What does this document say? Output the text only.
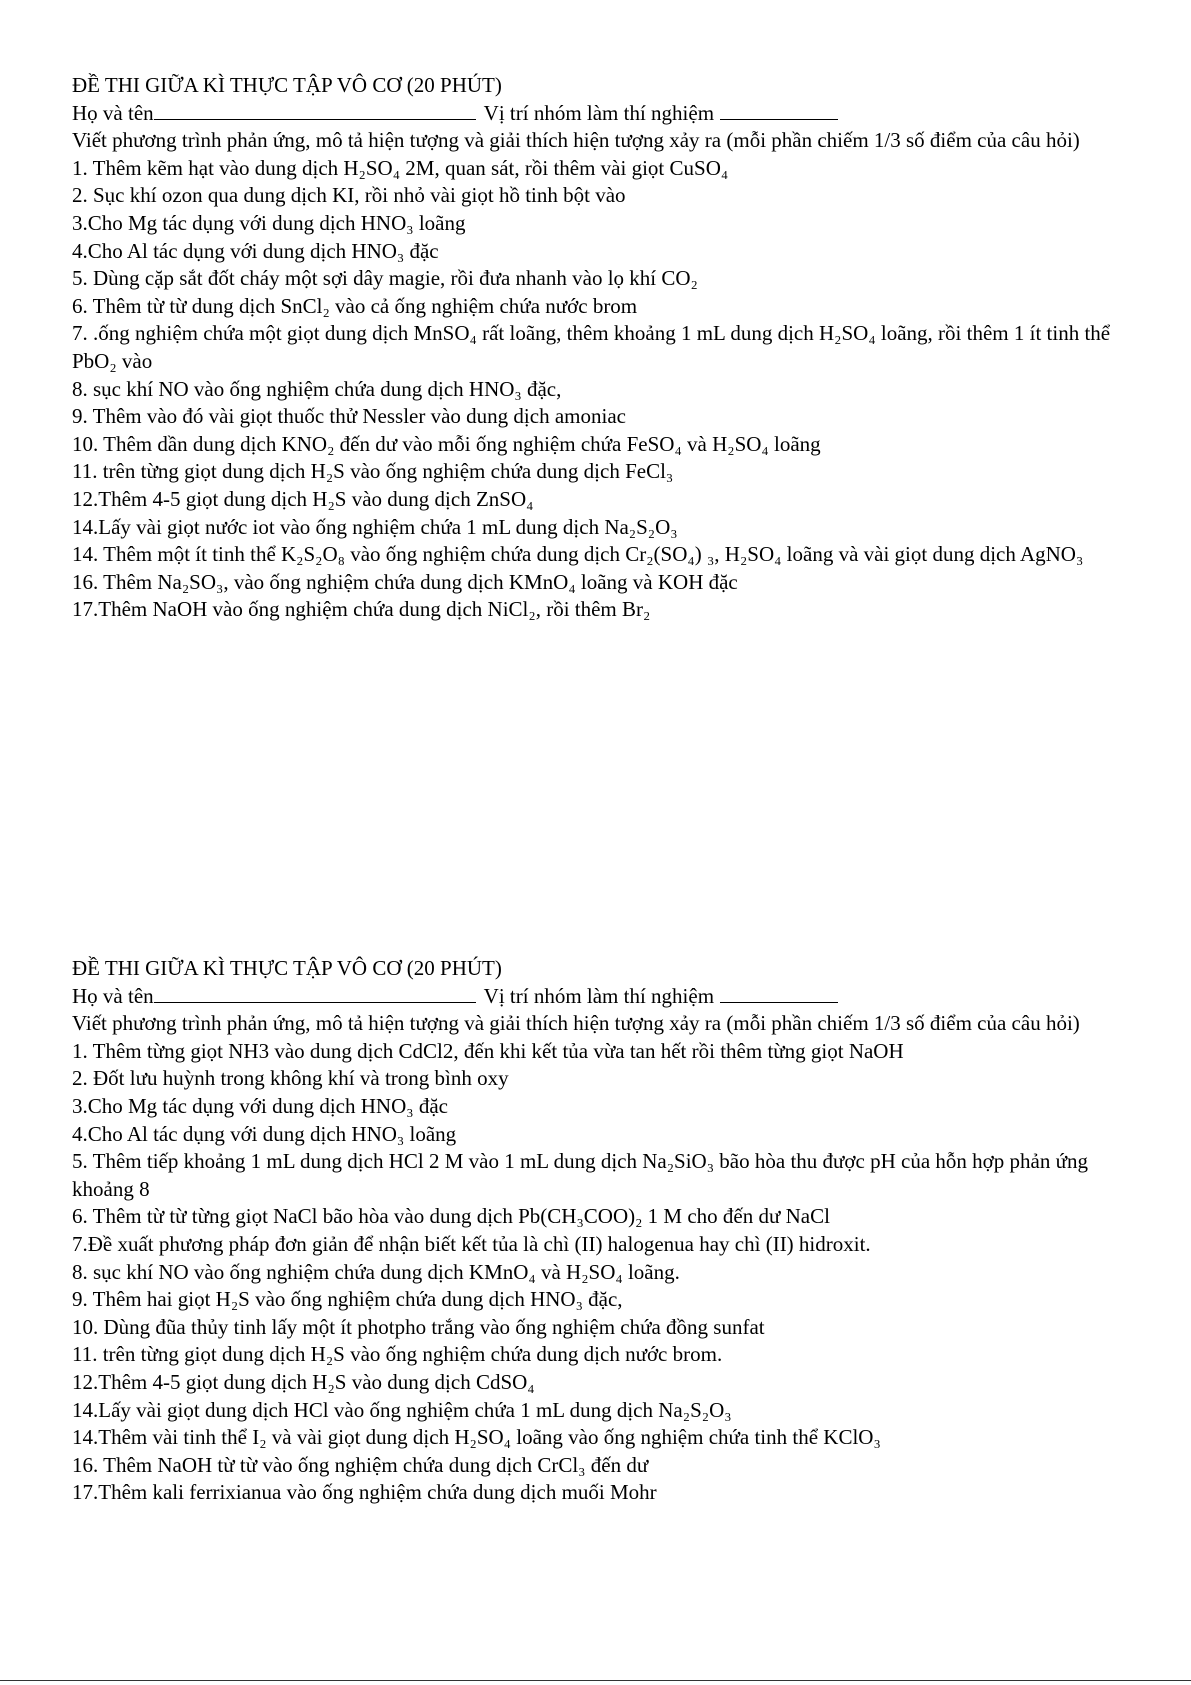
ĐỀ THI GIỮA KÌ THỰC TẬP VÔ CƠ (20 PHÚT)
Họ và tên	Vị trí nhóm làm thí nghiệm
Viết phương trình phản ứng, mô tả hiện tượng và giải thích hiện tượng xảy ra (mỗi phần chiếm 1/3 số điểm của câu hỏi)
1. Thêm kẽm hạt vào dung dịch H₂SO₄ 2M, quan sát, rồi thêm vài giọt CuSO₄
2. Sục khí ozon qua dung dịch KI, rồi nhỏ vài giọt hồ tinh bột vào
3.Cho Mg tác dụng với dung dịch HNO₃ loãng
4.Cho Al tác dụng với dung dịch HNO₃ đặc
5. Dùng cặp sắt đốt cháy một sợi dây magie, rồi đưa nhanh vào lọ khí CO₂
6. Thêm từ từ dung dịch SnCl₂ vào cả ống nghiệm chứa nước brom
7. .ống nghiệm chứa một giọt dung dịch MnSO₄ rất loãng, thêm khoảng 1 mL dung dịch H₂SO₄ loãng, rồi thêm 1 ít tinh thể PbO₂ vào
8. sục khí NO vào ống nghiệm chứa dung dịch HNO₃ đặc,
9. Thêm vào đó vài giọt thuốc thử Nessler vào dung dịch amoniac
10. Thêm dần dung dịch KNO₂ đến dư vào mỗi ống nghiệm chứa FeSO₄ và H₂SO₄ loãng
11. trên từng giọt dung dịch H₂S vào ống nghiệm chứa dung dịch FeCl₃
12.Thêm 4-5 giọt dung dịch H₂S vào dung dịch ZnSO₄
14.Lấy vài giọt nước iot vào ống nghiệm chứa 1 mL dung dịch Na₂S₂O₃
14. Thêm một ít tinh thể K₂S₂O₈ vào ống nghiệm chứa dung dịch Cr₂(SO₄) ₃, H₂SO₄ loãng và vài giọt dung dịch AgNO₃
16. Thêm Na₂SO₃, vào ống nghiệm chứa dung dịch KMnO₄ loãng và KOH đặc
17.Thêm NaOH vào ống nghiệm chứa dung dịch NiCl₂, rồi thêm Br₂
ĐỀ THI GIỮA KÌ THỰC TẬP VÔ CƠ (20 PHÚT)
Họ và tên	Vị trí nhóm làm thí nghiệm
Viết phương trình phản ứng, mô tả hiện tượng và giải thích hiện tượng xảy ra (mỗi phần chiếm 1/3 số điểm của câu hỏi)
1. Thêm từng giọt NH3 vào dung dịch CdCl2, đến khi kết tủa vừa tan hết rồi thêm từng giọt NaOH
2. Đốt lưu huỳnh trong không khí và trong bình oxy
3.Cho Mg tác dụng với dung dịch HNO₃ đặc
4.Cho Al tác dụng với dung dịch HNO₃ loãng
5. Thêm tiếp khoảng 1 mL dung dịch HCl 2 M vào 1 mL dung dịch Na₂SiO₃ bão hòa thu được pH của hỗn hợp phản ứng khoảng 8
6. Thêm từ từ từng giọt NaCl bão hòa vào dung dịch Pb(CH₃COO)₂ 1 M cho đến dư NaCl
7.Đề xuất phương pháp đơn giản để nhận biết kết tủa là chì (II) halogenua hay chì (II) hidroxit.
8. sục khí NO vào ống nghiệm chứa dung dịch KMnO₄ và H₂SO₄ loãng.
9. Thêm hai giọt H₂S vào ống nghiệm chứa dung dịch HNO₃ đặc,
10. Dùng đũa thủy tinh lấy một ít photpho trắng vào ống nghiệm chứa đồng sunfat
11. trên từng giọt dung dịch H₂S vào ống nghiệm chứa dung dịch nước brom.
12.Thêm 4-5 giọt dung dịch H₂S vào dung dịch CdSO₄
14.Lấy vài giọt dung dịch HCl vào ống nghiệm chứa 1 mL dung dịch Na₂S₂O₃
14.Thêm vài tinh thể I₂ và vài giọt dung dịch H₂SO₄ loãng vào ống nghiệm chứa tinh thể KClO₃
16. Thêm NaOH từ từ vào ống nghiệm chứa dung dịch CrCl₃ đến dư
17.Thêm kali ferrixianua vào ống nghiệm chứa dung dịch muối Mohr
